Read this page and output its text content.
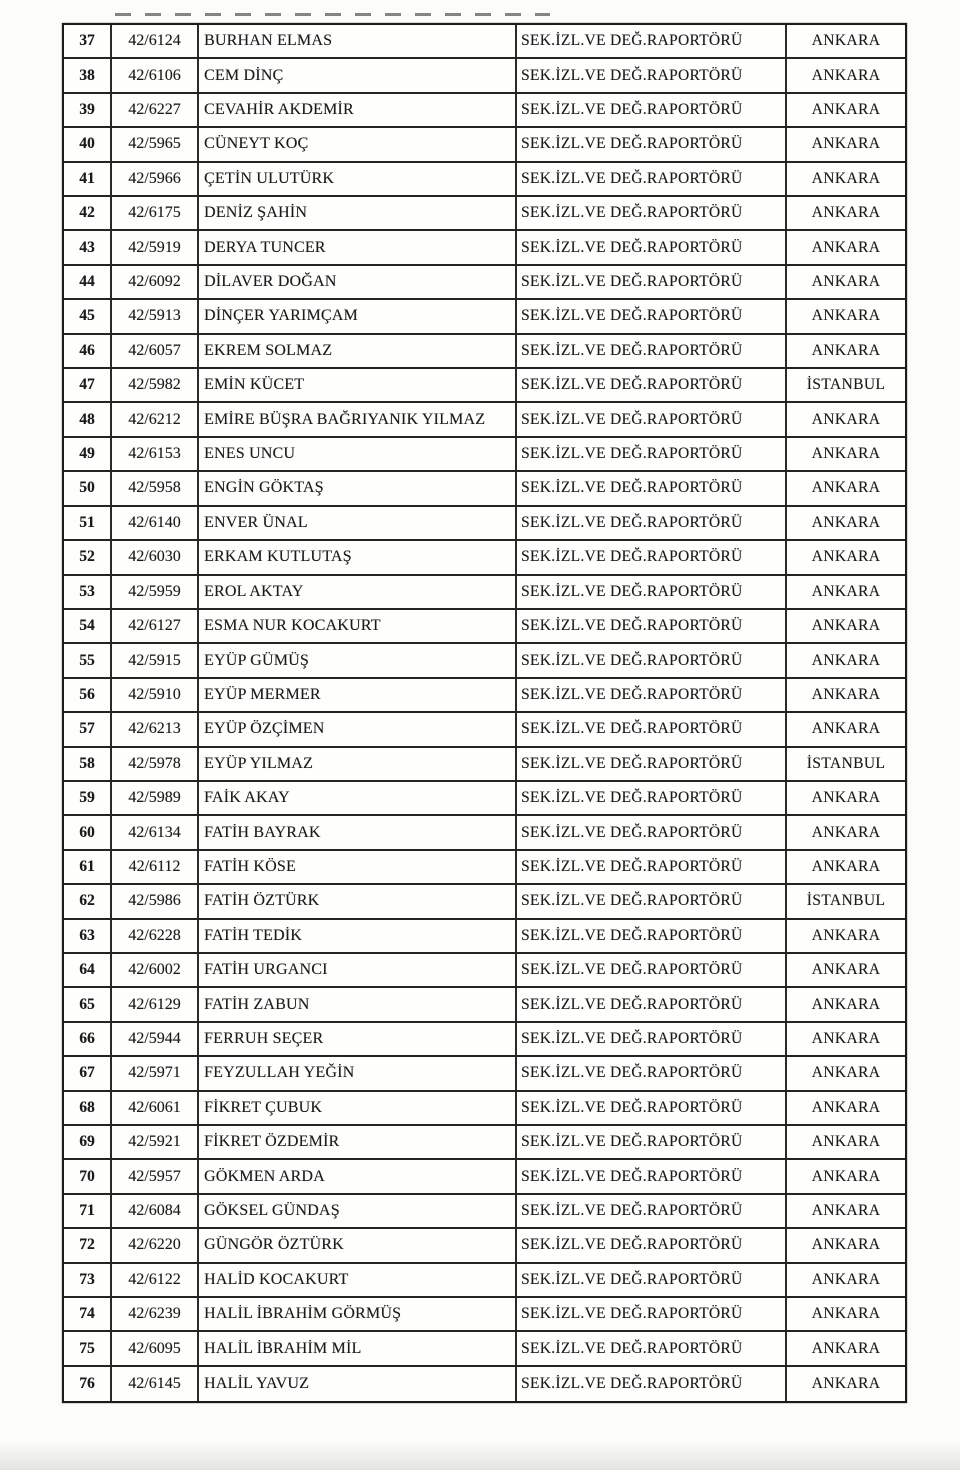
37	42/6124	BURHAN ELMAS	SEK.İZL.VE DEĞ.RAPORTÖRÜ	ANKARA
38	42/6106	CEM DİNÇ	SEK.İZL.VE DEĞ.RAPORTÖRÜ	ANKARA
39	42/6227	CEVAHİR AKDEMİR	SEK.İZL.VE DEĞ.RAPORTÖRÜ	ANKARA
40	42/5965	CÜNEYT KOÇ	SEK.İZL.VE DEĞ.RAPORTÖRÜ	ANKARA
41	42/5966	ÇETİN ULUTÜRK	SEK.İZL.VE DEĞ.RAPORTÖRÜ	ANKARA
42	42/6175	DENİZ ŞAHİN	SEK.İZL.VE DEĞ.RAPORTÖRÜ	ANKARA
43	42/5919	DERYA TUNCER	SEK.İZL.VE DEĞ.RAPORTÖRÜ	ANKARA
44	42/6092	DİLAVER DOĞAN	SEK.İZL.VE DEĞ.RAPORTÖRÜ	ANKARA
45	42/5913	DİNÇER YARIMÇAM	SEK.İZL.VE DEĞ.RAPORTÖRÜ	ANKARA
46	42/6057	EKREM SOLMAZ	SEK.İZL.VE DEĞ.RAPORTÖRÜ	ANKARA
47	42/5982	EMİN KÜCET	SEK.İZL.VE DEĞ.RAPORTÖRÜ	İSTANBUL
48	42/6212	EMİRE BÜŞRA BAĞRIYANIK YILMAZ	SEK.İZL.VE DEĞ.RAPORTÖRÜ	ANKARA
49	42/6153	ENES UNCU	SEK.İZL.VE DEĞ.RAPORTÖRÜ	ANKARA
50	42/5958	ENGİN GÖKTAŞ	SEK.İZL.VE DEĞ.RAPORTÖRÜ	ANKARA
51	42/6140	ENVER ÜNAL	SEK.İZL.VE DEĞ.RAPORTÖRÜ	ANKARA
52	42/6030	ERKAM KUTLUTAŞ	SEK.İZL.VE DEĞ.RAPORTÖRÜ	ANKARA
53	42/5959	EROL AKTAY	SEK.İZL.VE DEĞ.RAPORTÖRÜ	ANKARA
54	42/6127	ESMA NUR KOCAKURT	SEK.İZL.VE DEĞ.RAPORTÖRÜ	ANKARA
55	42/5915	EYÜP GÜMÜŞ	SEK.İZL.VE DEĞ.RAPORTÖRÜ	ANKARA
56	42/5910	EYÜP MERMER	SEK.İZL.VE DEĞ.RAPORTÖRÜ	ANKARA
57	42/6213	EYÜP ÖZÇİMEN	SEK.İZL.VE DEĞ.RAPORTÖRÜ	ANKARA
58	42/5978	EYÜP YILMAZ	SEK.İZL.VE DEĞ.RAPORTÖRÜ	İSTANBUL
59	42/5989	FAİK AKAY	SEK.İZL.VE DEĞ.RAPORTÖRÜ	ANKARA
60	42/6134	FATİH BAYRAK	SEK.İZL.VE DEĞ.RAPORTÖRÜ	ANKARA
61	42/6112	FATİH KÖSE	SEK.İZL.VE DEĞ.RAPORTÖRÜ	ANKARA
62	42/5986	FATİH ÖZTÜRK	SEK.İZL.VE DEĞ.RAPORTÖRÜ	İSTANBUL
63	42/6228	FATİH TEDİK	SEK.İZL.VE DEĞ.RAPORTÖRÜ	ANKARA
64	42/6002	FATİH URGANCI	SEK.İZL.VE DEĞ.RAPORTÖRÜ	ANKARA
65	42/6129	FATİH ZABUN	SEK.İZL.VE DEĞ.RAPORTÖRÜ	ANKARA
66	42/5944	FERRUH SEÇER	SEK.İZL.VE DEĞ.RAPORTÖRÜ	ANKARA
67	42/5971	FEYZULLAH YEĞİN	SEK.İZL.VE DEĞ.RAPORTÖRÜ	ANKARA
68	42/6061	FİKRET ÇUBUK	SEK.İZL.VE DEĞ.RAPORTÖRÜ	ANKARA
69	42/5921	FİKRET ÖZDEMİR	SEK.İZL.VE DEĞ.RAPORTÖRÜ	ANKARA
70	42/5957	GÖKMEN ARDA	SEK.İZL.VE DEĞ.RAPORTÖRÜ	ANKARA
71	42/6084	GÖKSEL GÜNDAŞ	SEK.İZL.VE DEĞ.RAPORTÖRÜ	ANKARA
72	42/6220	GÜNGÖR ÖZTÜRK	SEK.İZL.VE DEĞ.RAPORTÖRÜ	ANKARA
73	42/6122	HALİD KOCAKURT	SEK.İZL.VE DEĞ.RAPORTÖRÜ	ANKARA
74	42/6239	HALİL İBRAHİM GÖRMÜŞ	SEK.İZL.VE DEĞ.RAPORTÖRÜ	ANKARA
75	42/6095	HALİL İBRAHİM MİL	SEK.İZL.VE DEĞ.RAPORTÖRÜ	ANKARA
76	42/6145	HALİL YAVUZ	SEK.İZL.VE DEĞ.RAPORTÖRÜ	ANKARA
